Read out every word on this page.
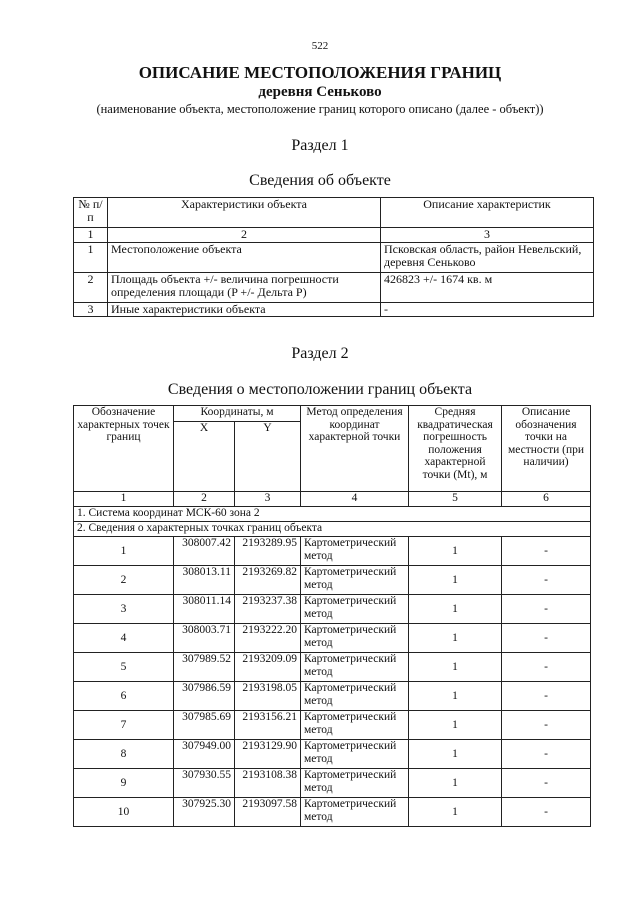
522
ОПИСАНИЕ МЕСТОПОЛОЖЕНИЯ ГРАНИЦ
деревня Сеньково
(наименование объекта, местоположение границ которого описано (далее - объект))
Раздел 1
Сведения об объекте
№ п/п	Характеристики объекта	Описание характеристик
1	2	3
1	Местоположение объекта	Псковская область, район Невельский, деревня Сеньково
2	Площадь объекта +/- величина погрешности определения площади (P +/- Дельта P)	426823 +/- 1674 кв. м
3	Иные характеристики объекта	-
Раздел 2
Сведения о местоположении границ объекта
Обозначение характерных точек границ	Координаты, м		Метод определения координат характерной точки	Средняя квадратическая погрешность положения характерной точки (Mt), м	Описание обозначения точки на местности (при наличии)
	X	Y			
1	2	3	4	5	6
1. Система координат МСК-60 зона 2					
2. Сведения о характерных точках границ объекта					
1	308007.42	2193289.95	Картометрический метод	1	-
2	308013.11	2193269.82	Картометрический метод	1	-
3	308011.14	2193237.38	Картометрический метод	1	-
4	308003.71	2193222.20	Картометрический метод	1	-
5	307989.52	2193209.09	Картометрический метод	1	-
6	307986.59	2193198.05	Картометрический метод	1	-
7	307985.69	2193156.21	Картометрический метод	1	-
8	307949.00	2193129.90	Картометрический метод	1	-
9	307930.55	2193108.38	Картометрический метод	1	-
10	307925.30	2193097.58	Картометрический метод	1	-
